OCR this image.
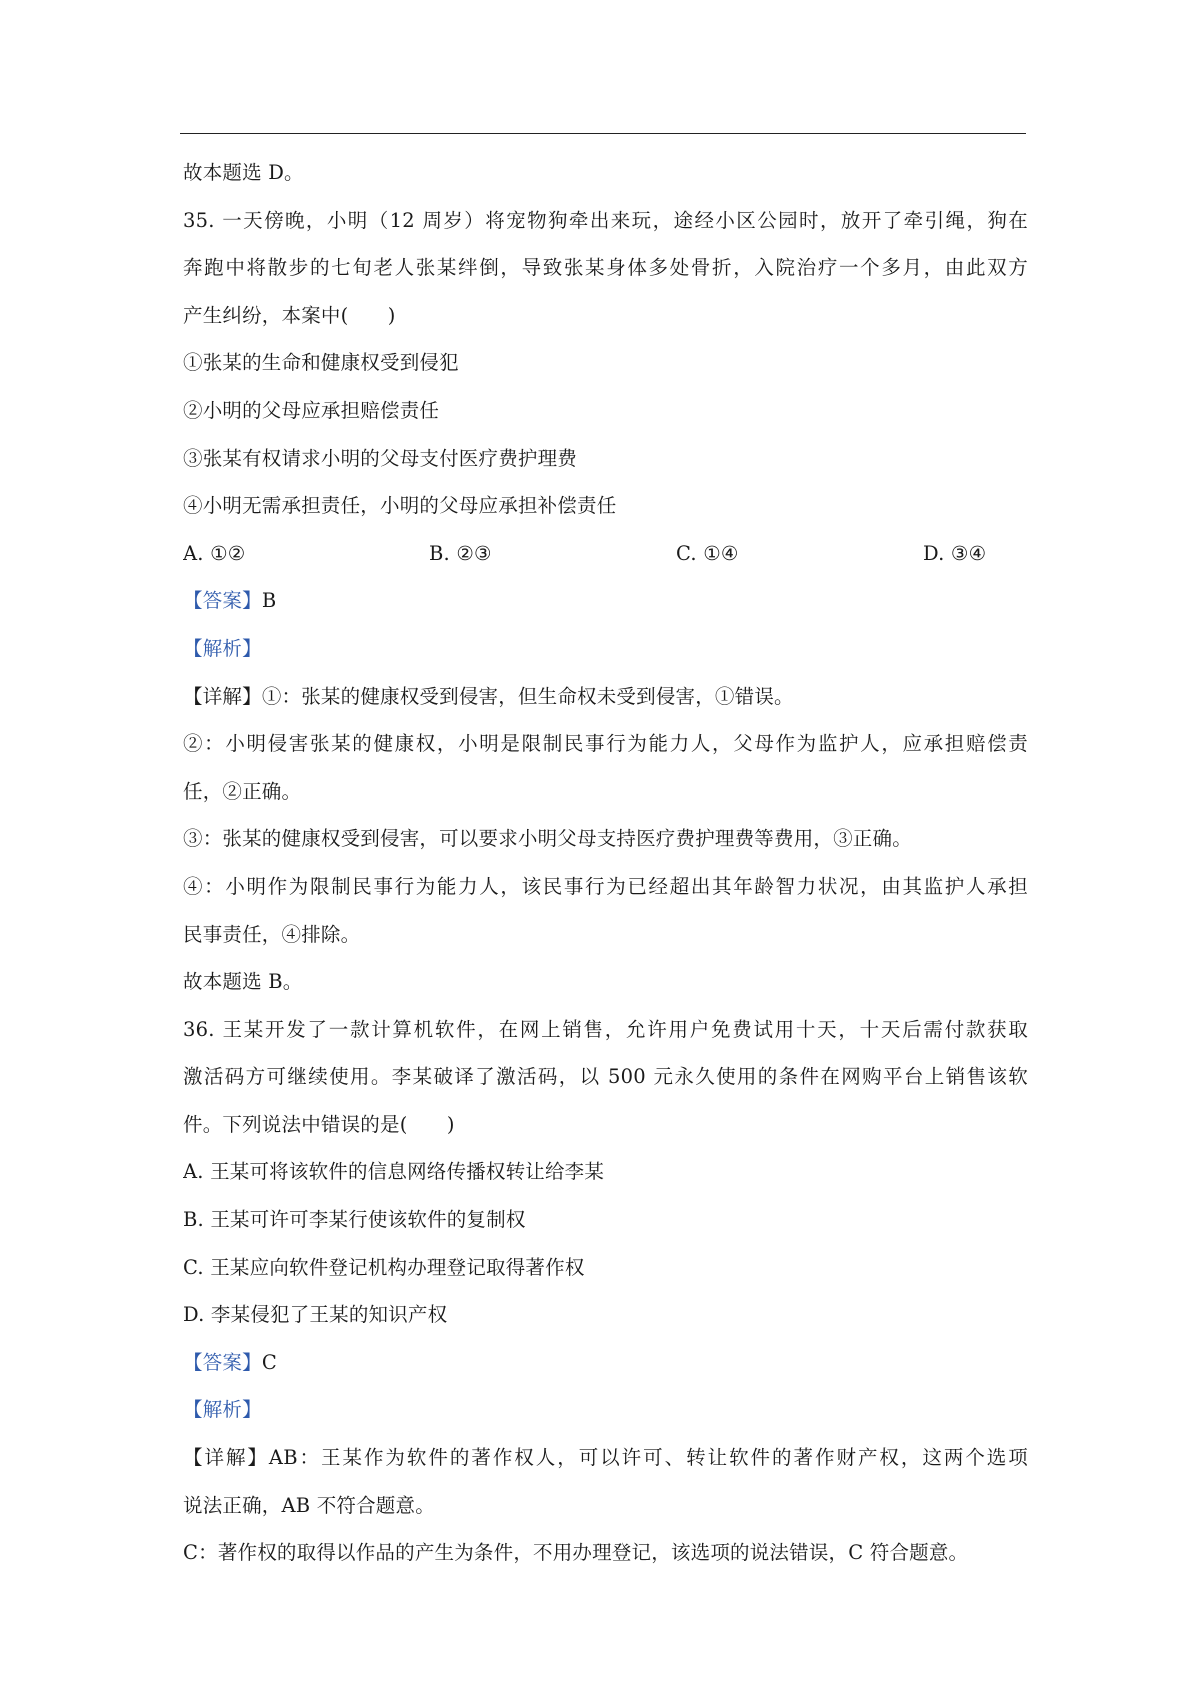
故本题选 D。
35. 一天傍晚，小明（12 周岁）将宠物狗牵出来玩，途经小区公园时，放开了牵引绳，狗在
奔跑中将散步的七旬老人张某绊倒，导致张某身体多处骨折，入院治疗一个多月，由此双方
产生纠纷，本案中(　　)
①张某的生命和健康权受到侵犯
②小明的父母应承担赔偿责任
③张某有权请求小明的父母支付医疗费护理费
④小明无需承担责任，小明的父母应承担补偿责任
A. ①②	B. ②③	C. ①④	D. ③④
【答案】B
【解析】
【详解】①：张某的健康权受到侵害，但生命权未受到侵害，①错误。
②：小明侵害张某的健康权，小明是限制民事行为能力人，父母作为监护人，应承担赔偿责
任，②正确。
③：张某的健康权受到侵害，可以要求小明父母支持医疗费护理费等费用，③正确。
④：小明作为限制民事行为能力人，该民事行为已经超出其年龄智力状况，由其监护人承担
民事责任，④排除。
故本题选 B。
36. 王某开发了一款计算机软件，在网上销售，允许用户免费试用十天，十天后需付款获取
激活码方可继续使用。李某破译了激活码，以 500 元永久使用的条件在网购平台上销售该软
件。下列说法中错误的是(　　)
A. 王某可将该软件的信息网络传播权转让给李某
B. 王某可许可李某行使该软件的复制权
C. 王某应向软件登记机构办理登记取得著作权
D. 李某侵犯了王某的知识产权
【答案】C
【解析】
【详解】AB：王某作为软件的著作权人，可以许可、转让软件的著作财产权，这两个选项
说法正确，AB 不符合题意。
C：著作权的取得以作品的产生为条件，不用办理登记，该选项的说法错误，C 符合题意。
